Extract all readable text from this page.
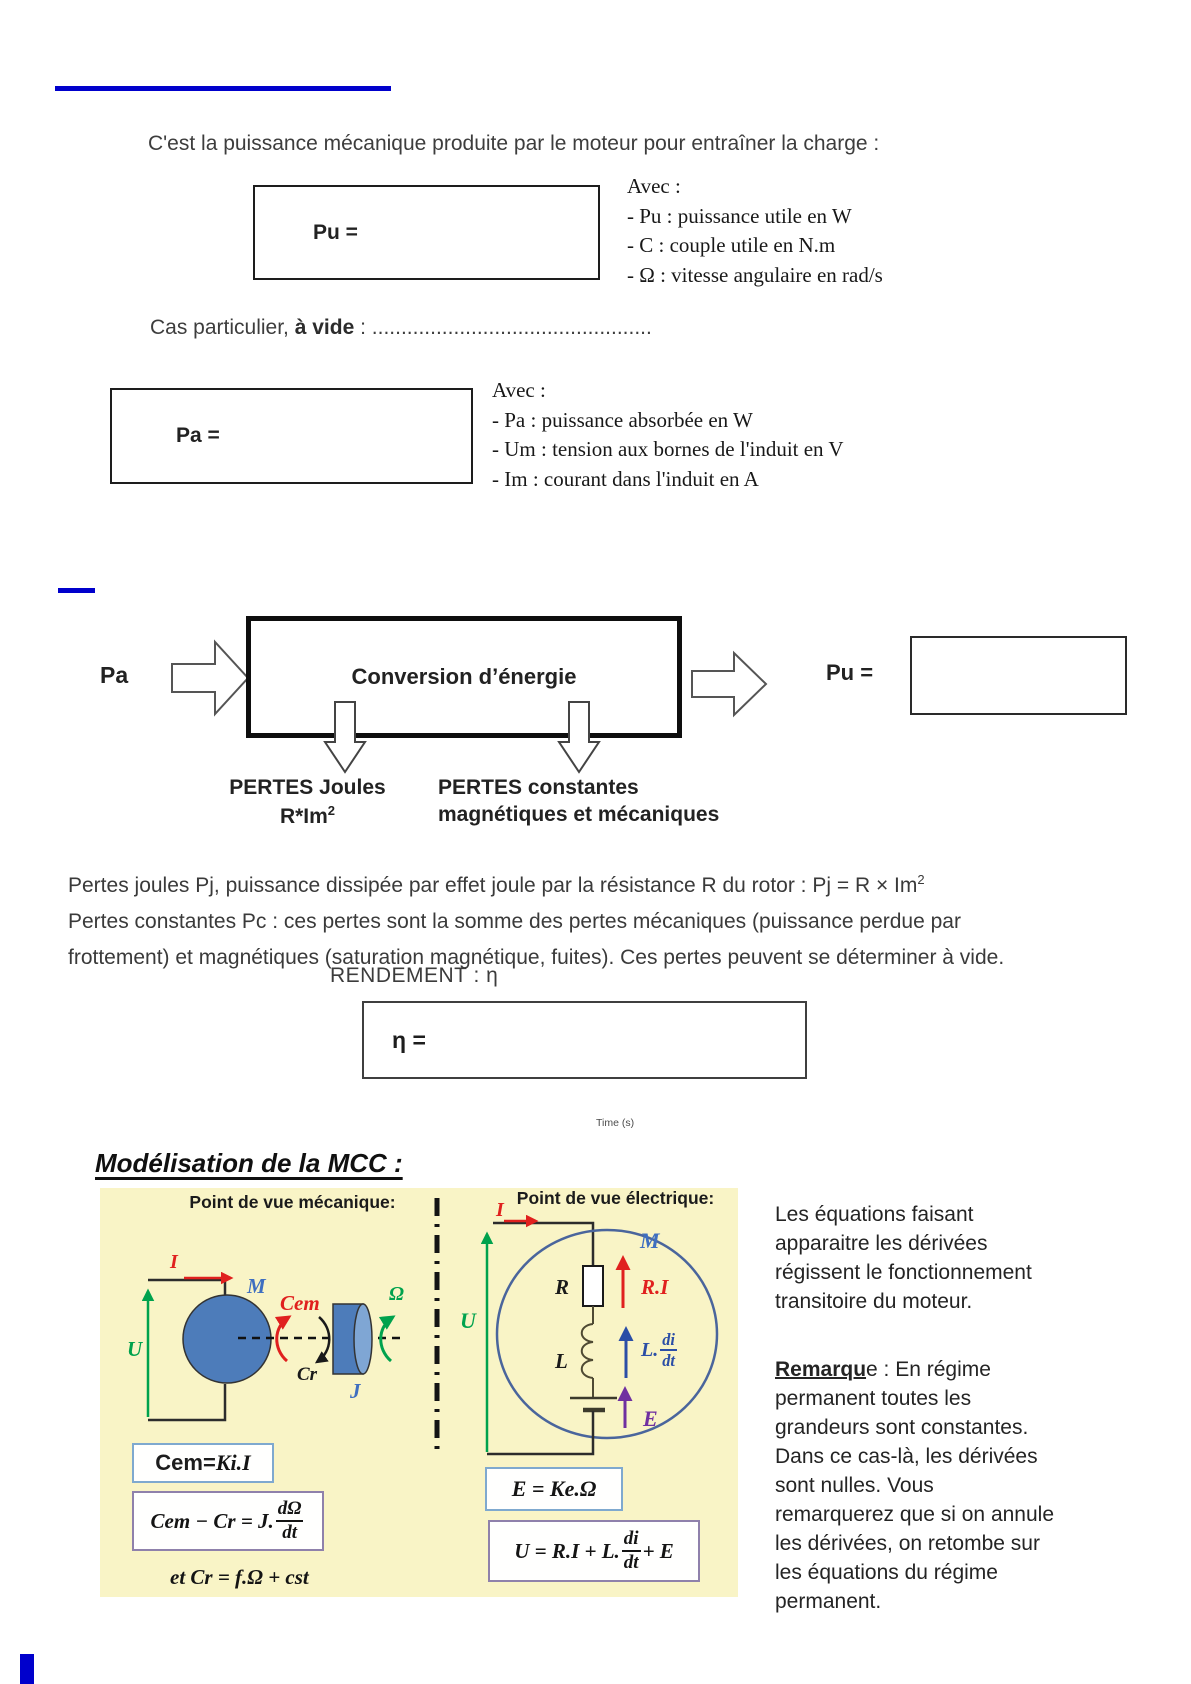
C'est la puissance mécanique produite par le moteur pour entraîner la charge :
Pu =
Avec :
- Pu : puissance utile en W
- C : couple utile en N.m
- Ω : vitesse angulaire en rad/s
Cas particulier, à vide : ................................................
Pa =
Avec :
- Pa : puissance absorbée en W
- Um : tension aux bornes de l'induit en V
- Im : courant dans l'induit en A
Pa	Conversion d’énergie	Pu =
PERTES Joules
R*Im$^2$
PERTES constantes
magnétiques et mécaniques
Pertes joules Pj, puissance dissipée par effet joule par la résistance R du rotor : $Pj = R \times Im^2$
Pertes constantes Pc : ces pertes sont la somme des pertes mécaniques (puissance perdue par
frottement) et magnétiques (saturation magnétique, fuites). Ces pertes peuvent se déterminer à vide.
RENDEMENT : η
η =
Time (s)
Modélisation de la MCC :
I
U
M
Cem
Cr
J
Ω
I
U
M
R	R.I
L
E
Point de vue mécanique:	Point de vue électrique:
L. $\frac{di}{dt}$
Cem= Ki.I
Cem − Cr = J. $\frac{d\Omega}{dt}$
et Cr = f.Ω + cst
E = Ke.Ω
U = R.I + L. $\frac{di}{dt} + E$
Les équations faisant
apparaitre les dérivées
régissent le fonctionnement
transitoire du moteur.
Remarque : En régime
permanent toutes les
grandeurs sont constantes.
Dans ce cas-là, les dérivées
sont nulles. Vous
remarquerez que si on annule
les dérivées, on retombe sur
les équations du régime
permanent.
